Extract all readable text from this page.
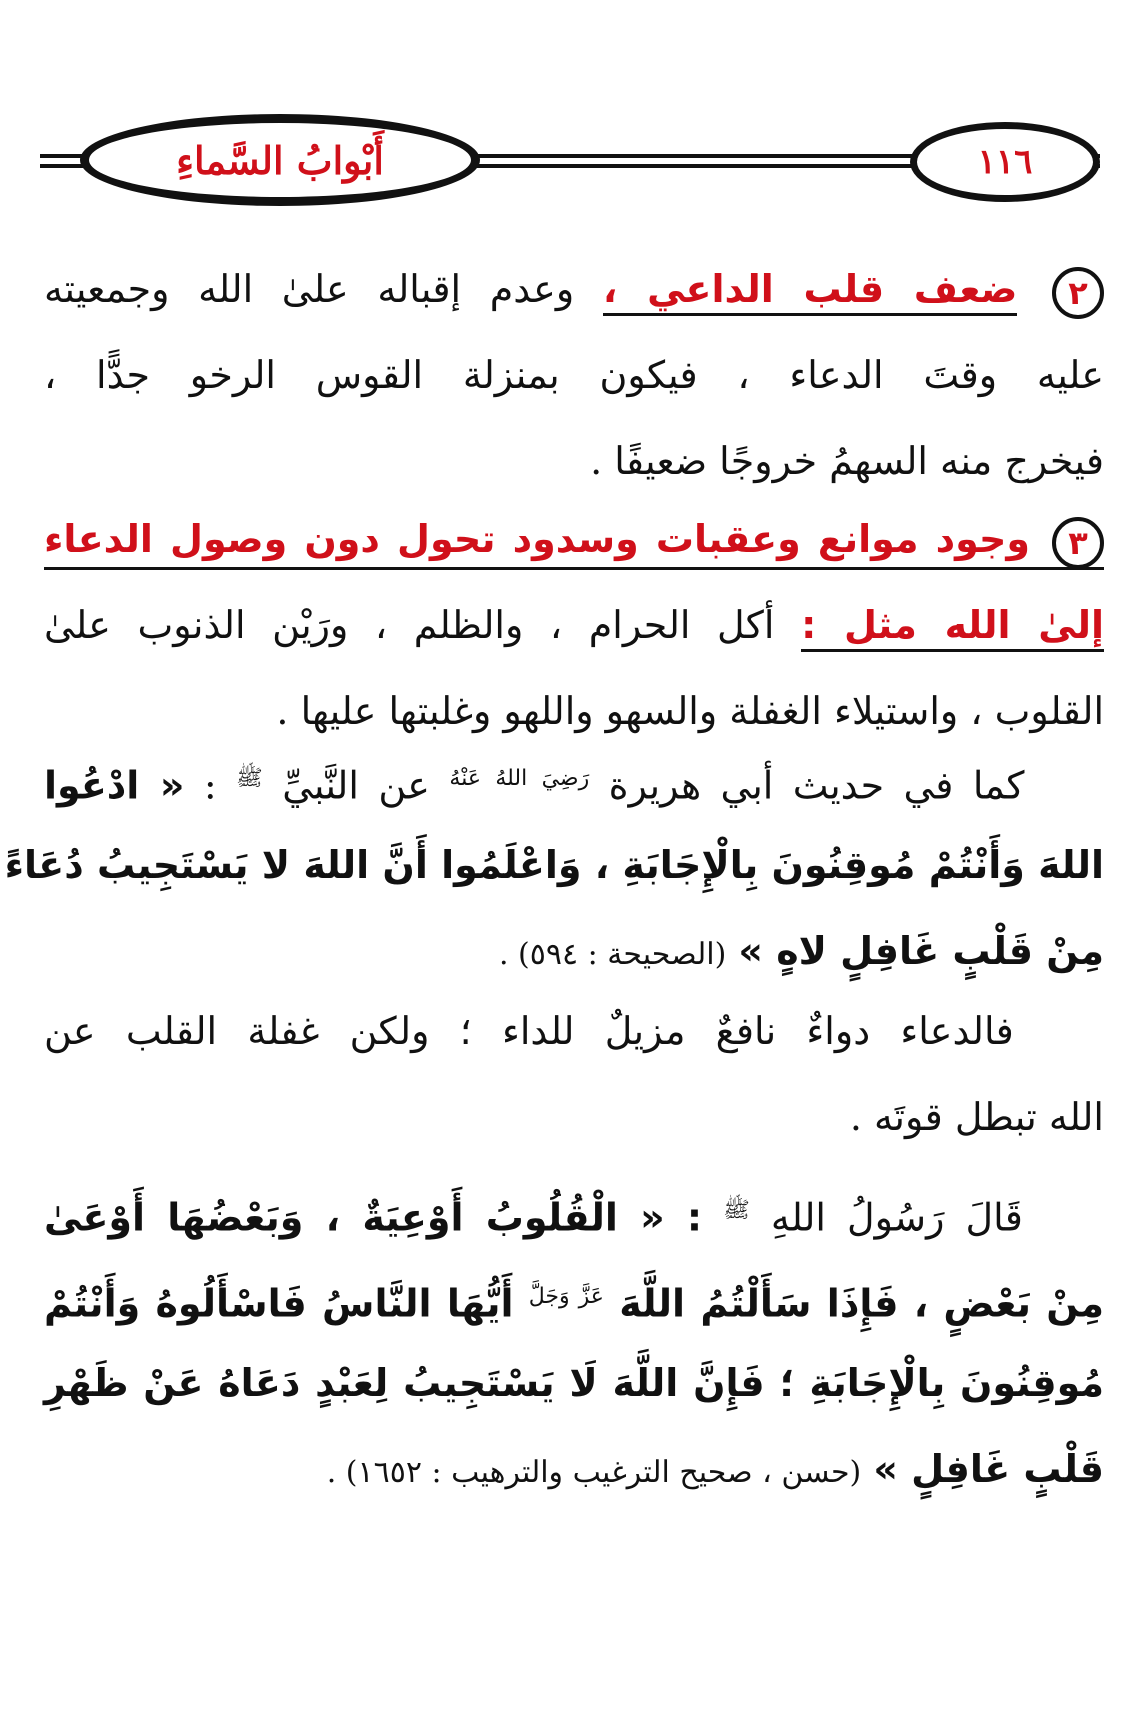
أَبْوابُ السَّماءِ	١١٦
٢ ضعف قلب الداعي ، وعدم إقباله علىٰ الله وجمعيته
عليه وقتَ الدعاء ، فيكون بمنزلة القوس الرخو جدًّا ،
فيخرج منه السهمُ خروجًا ضعيفًا .
٣ وجود موانع وعقبات وسدود تحول دون وصول الدعاء
إلىٰ الله مثل : أكل الحرام ، والظلم ، ورَيْن الذنوب علىٰ
القلوب ، واستيلاء الغفلة والسهو واللهو وغلبتها عليها .
كما في حديث أبي هريرة $^{رَضِيَ اللهُ عَنْهُ}$ عن النَّبيِّ $^ﷺ$ : « ادْعُوا
اللهَ وَأَنْتُمْ مُوقِنُونَ بِالْإِجَابَةِ ، وَاعْلَمُوا أَنَّ اللهَ لا يَسْتَجِيبُ دُعَاءً
مِنْ قَلْبٍ غَافِلٍ لاهٍ » (الصحيحة : ٥٩٤) .
فالدعاء دواءٌ نافعٌ مزيلٌ للداء ؛ ولكن غفلة القلب عن
الله تبطل قوتَه .
قَالَ رَسُولُ اللهِ $^ﷺ$ : « الْقُلُوبُ أَوْعِيَةٌ ، وَبَعْضُهَا أَوْعَىٰ
مِنْ بَعْضٍ ، فَإِذَا سَأَلْتُمُ اللَّهَ $^{عَزَّ وَجَلَّ}$ أَيُّهَا النَّاسُ فَاسْأَلُوهُ وَأَنْتُمْ
مُوقِنُونَ بِالْإِجَابَةِ ؛ فَإِنَّ اللَّهَ لَا يَسْتَجِيبُ لِعَبْدٍ دَعَاهُ عَنْ ظَهْرِ
قَلْبٍ غَافِلٍ » (حسن ، صحيح الترغيب والترهيب : ١٦٥٢) .
